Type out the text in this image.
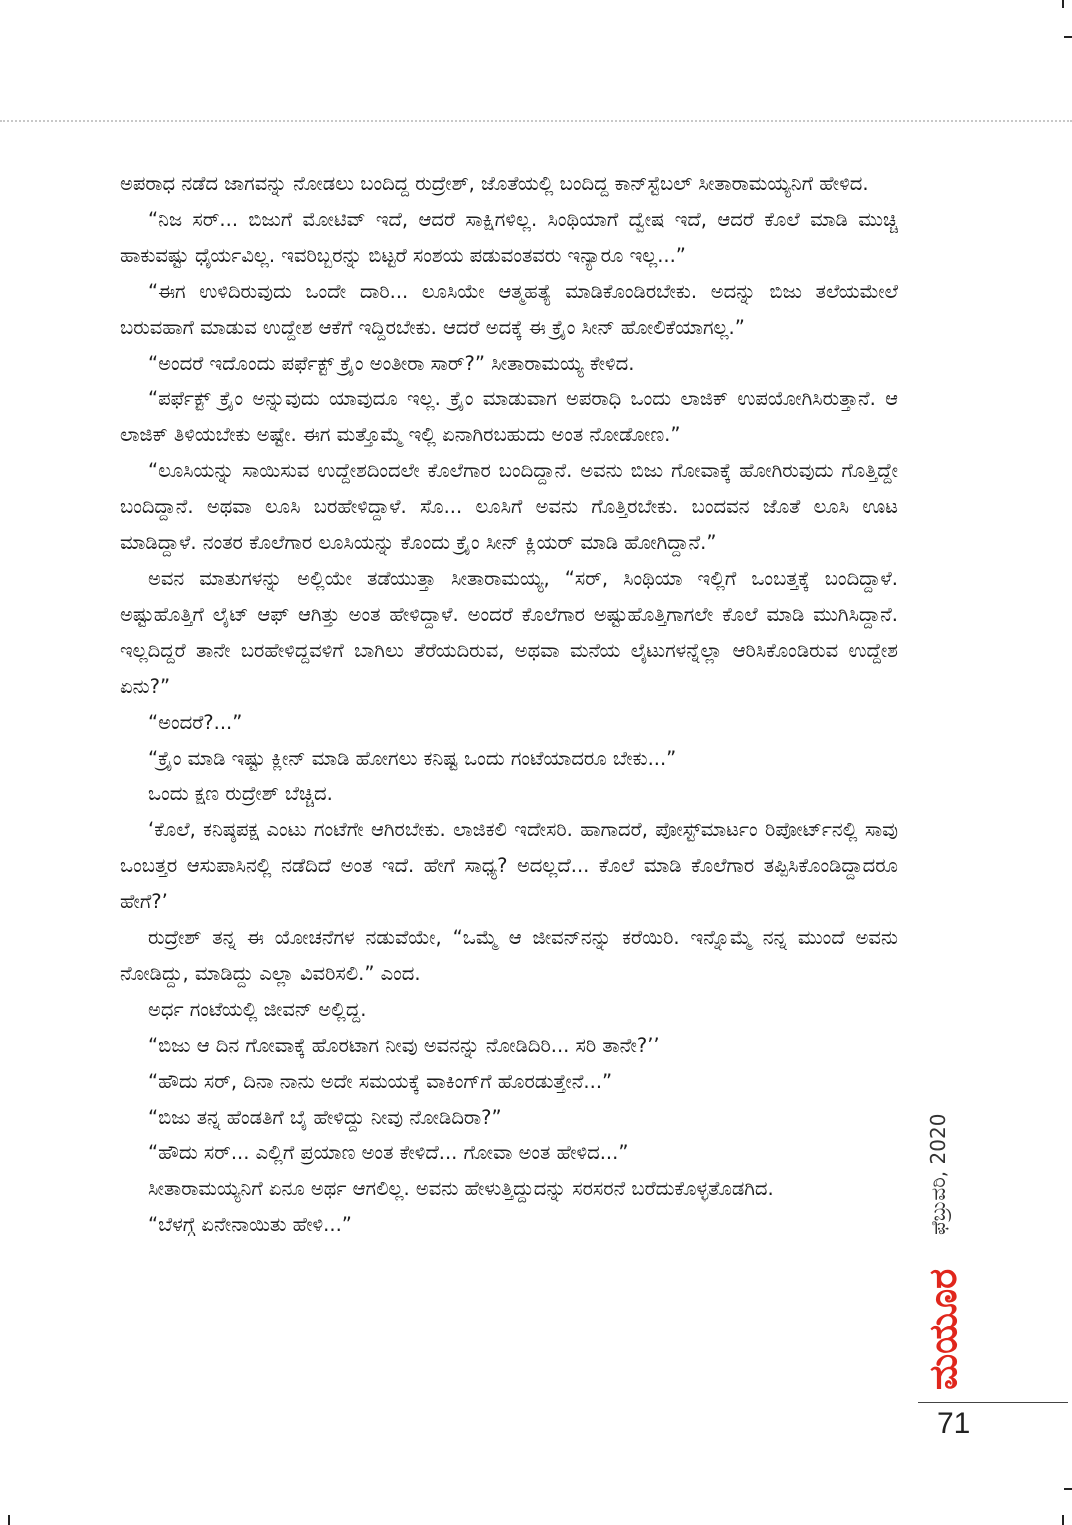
ಅಪರಾಧ ನಡೆದ ಜಾಗವನ್ನು ನೋಡಲು ಬಂದಿದ್ದ ರುದ್ರೇಶ್, ಜೊತೆಯಲ್ಲಿ ಬಂದಿದ್ದ ಕಾನ್‌ಸ್ಟೆಬಲ್ ಸೀತಾರಾಮಯ್ಯನಿಗೆ ಹೇಳಿದ.

“ನಿಜ ಸರ್... ಬಿಜುಗೆ ಮೋಟಿವ್ ಇದೆ, ಆದರೆ ಸಾಕ್ಷಿಗಳಿಲ್ಲ. ಸಿಂಥಿಯಾಗೆ ದ್ವೇಷ ಇದೆ, ಆದರೆ ಕೊಲೆ ಮಾಡಿ ಮುಚ್ಚಿ ಹಾಕುವಷ್ಟು ಧೈರ್ಯವಿಲ್ಲ. ಇವರಿಬ್ಬರನ್ನು ಬಿಟ್ಟರೆ ಸಂಶಯ ಪಡುವಂತವರು ಇನ್ಯಾರೂ ಇಲ್ಲ...”

“ಈಗ ಉಳಿದಿರುವುದು ಒಂದೇ ದಾರಿ... ಲೂಸಿಯೇ ಆತ್ಮಹತ್ಯೆ ಮಾಡಿಕೊಂಡಿರಬೇಕು. ಅದನ್ನು ಬಿಜು ತಲೆಯಮೇಲೆ ಬರುವಹಾಗೆ ಮಾಡುವ ಉದ್ದೇಶ ಆಕೆಗೆ ಇದ್ದಿರಬೇಕು. ಆದರೆ ಅದಕ್ಕೆ ಈ ಕ್ರೈಂ ಸೀನ್ ಹೋಲಿಕೆಯಾಗಲ್ಲ.”

“ಅಂದರೆ ಇದೊಂದು ಪರ್ಫೆಕ್ಟ್ ಕ್ರೈಂ ಅಂತೀರಾ ಸಾರ್?” ಸೀತಾರಾಮಯ್ಯ ಕೇಳಿದ.

“ಪರ್ಫೆಕ್ಟ್ ಕ್ರೈಂ ಅನ್ನುವುದು ಯಾವುದೂ ಇಲ್ಲ. ಕ್ರೈಂ ಮಾಡುವಾಗ ಅಪರಾಧಿ ಒಂದು ಲಾಜಿಕ್ ಉಪಯೋಗಿಸಿರುತ್ತಾನೆ. ಆ ಲಾಜಿಕ್ ತಿಳಿಯಬೇಕು ಅಷ್ಟೇ. ಈಗ ಮತ್ತೊಮ್ಮೆ ಇಲ್ಲಿ ಏನಾಗಿರಬಹುದು ಅಂತ ನೋಡೋಣ.”

“ಲೂಸಿಯನ್ನು ಸಾಯಿಸುವ ಉದ್ದೇಶದಿಂದಲೇ ಕೊಲೆಗಾರ ಬಂದಿದ್ದಾನೆ. ಅವನು ಬಿಜು ಗೋವಾಕ್ಕೆ ಹೋಗಿರುವುದು ಗೊತ್ತಿದ್ದೇ ಬಂದಿದ್ದಾನೆ. ಅಥವಾ ಲೂಸಿ ಬರಹೇಳಿದ್ದಾಳೆ. ಸೊ... ಲೂಸಿಗೆ ಅವನು ಗೊತ್ತಿರಬೇಕು. ಬಂದವನ ಜೊತೆ ಲೂಸಿ ಊಟ ಮಾಡಿದ್ದಾಳೆ. ನಂತರ ಕೊಲೆಗಾರ ಲೂಸಿಯನ್ನು ಕೊಂದು ಕ್ರೈಂ ಸೀನ್ ಕ್ಲಿಯರ್ ಮಾಡಿ ಹೋಗಿದ್ದಾನೆ.”

ಅವನ ಮಾತುಗಳನ್ನು ಅಲ್ಲಿಯೇ ತಡೆಯುತ್ತಾ ಸೀತಾರಾಮಯ್ಯ, “ಸರ್, ಸಿಂಥಿಯಾ ಇಲ್ಲಿಗೆ ಒಂಬತ್ತಕ್ಕೆ ಬಂದಿದ್ದಾಳೆ. ಅಷ್ಟುಹೊತ್ತಿಗೆ ಲೈಟ್ ಆಫ್ ಆಗಿತ್ತು ಅಂತ ಹೇಳಿದ್ದಾಳೆ. ಅಂದರೆ ಕೊಲೆಗಾರ ಅಷ್ಟುಹೊತ್ತಿಗಾಗಲೇ ಕೊಲೆ ಮಾಡಿ ಮುಗಿಸಿದ್ದಾನೆ. ಇಲ್ಲದಿದ್ದರೆ ತಾನೇ ಬರಹೇಳಿದ್ದವಳಿಗೆ ಬಾಗಿಲು ತೆರೆಯದಿರುವ, ಅಥವಾ ಮನೆಯ ಲೈಟುಗಳನ್ನೆಲ್ಲಾ ಆರಿಸಿಕೊಂಡಿರುವ ಉದ್ದೇಶ ಏನು?”

“ಅಂದರೆ?...”

“ಕ್ರೈಂ ಮಾಡಿ ಇಷ್ಟು ಕ್ಲೀನ್ ಮಾಡಿ ಹೋಗಲು ಕನಿಷ್ಟ ಒಂದು ಗಂಟೆಯಾದರೂ ಬೇಕು...”

ಒಂದು ಕ್ಷಣ ರುದ್ರೇಶ್ ಬೆಚ್ಚಿದ.

‘ಕೊಲೆ, ಕನಿಷ್ಠಪಕ್ಷ ಎಂಟು ಗಂಟೆಗೇ ಆಗಿರಬೇಕು. ಲಾಜಿಕಲಿ ಇದೇಸರಿ. ಹಾಗಾದರೆ, ಪೋಸ್ಟ್‌ಮಾರ್ಟಂ ರಿಪೋರ್ಟ್‌ನಲ್ಲಿ ಸಾವು ಒಂಬತ್ತರ ಆಸುಪಾಸಿನಲ್ಲಿ ನಡೆದಿದೆ ಅಂತ ಇದೆ. ಹೇಗೆ ಸಾಧ್ಯ? ಅದಲ್ಲದೆ... ಕೊಲೆ ಮಾಡಿ ಕೊಲೆಗಾರ ತಪ್ಪಿಸಿಕೊಂಡಿದ್ದಾದರೂ ಹೇಗೆ?’

ರುದ್ರೇಶ್ ತನ್ನ ಈ ಯೋಚನೆಗಳ ನಡುವೆಯೇ, “ಒಮ್ಮೆ ಆ ಜೀವನ್‌ನನ್ನು ಕರೆಯಿರಿ. ಇನ್ನೊಮ್ಮೆ ನನ್ನ ಮುಂದೆ ಅವನು ನೋಡಿದ್ದು, ಮಾಡಿದ್ದು ಎಲ್ಲಾ ವಿವರಿಸಲಿ.” ಎಂದ.

ಅರ್ಧ ಗಂಟೆಯಲ್ಲಿ ಜೀವನ್ ಅಲ್ಲಿದ್ದ.

“ಬಿಜು ಆ ದಿನ ಗೋವಾಕ್ಕೆ ಹೊರಟಾಗ ನೀವು ಅವನನ್ನು ನೋಡಿದಿರಿ... ಸರಿ ತಾನೇ?’’

“ಹೌದು ಸರ್, ದಿನಾ ನಾನು ಅದೇ ಸಮಯಕ್ಕೆ ವಾಕಿಂಗ್‌ಗೆ ಹೊರಡುತ್ತೇನೆ...”

“ಬಿಜು ತನ್ನ ಹೆಂಡತಿಗೆ ಬೈ ಹೇಳಿದ್ದು ನೀವು ನೋಡಿದಿರಾ?”

“ಹೌದು ಸರ್... ಎಲ್ಲಿಗೆ ಪ್ರಯಾಣ ಅಂತ ಕೇಳಿದೆ... ಗೋವಾ ಅಂತ ಹೇಳಿದ...”

ಸೀತಾರಾಮಯ್ಯನಿಗೆ ಏನೂ ಅರ್ಥ ಆಗಲಿಲ್ಲ. ಅವನು ಹೇಳುತ್ತಿದ್ದುದನ್ನು ಸರಸರನೆ ಬರೆದುಕೊಳ್ಳತೊಡಗಿದ.

“ಬೆಳಗ್ಗೆ ಏನೇನಾಯಿತು ಹೇಳಿ...”	ಫೆಬ್ರುವರಿ, 2020
ಮಯೂರ
71
